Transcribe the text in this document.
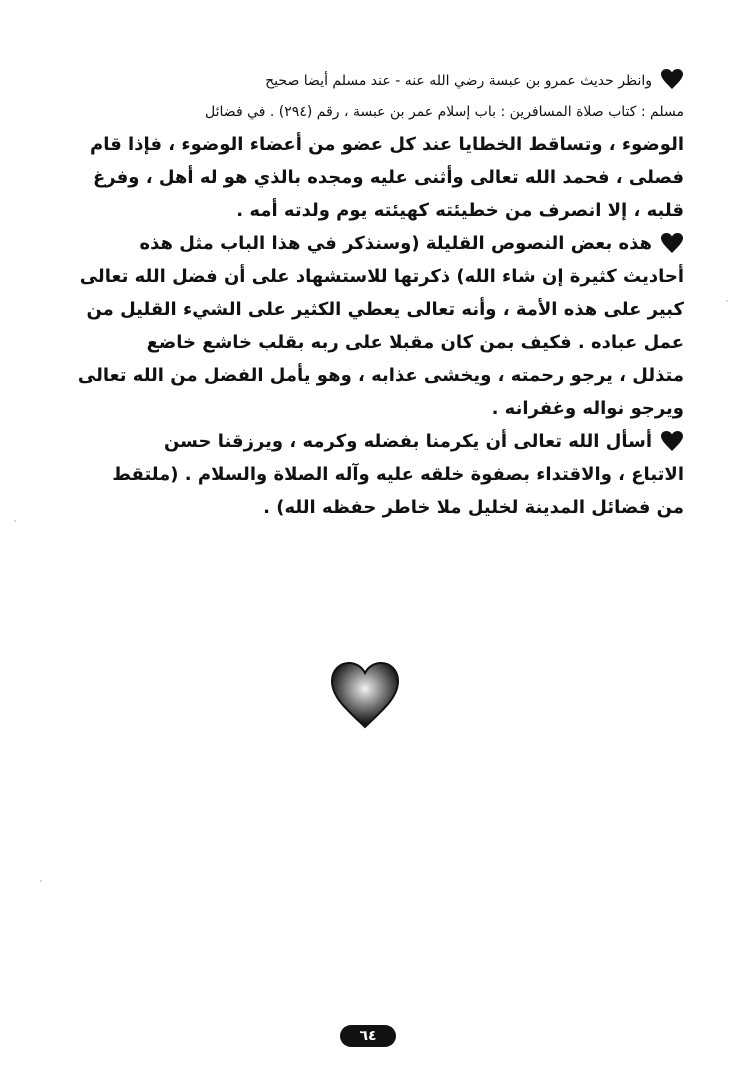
وانظر حديث عمرو بن عبسة رضي الله عنه - عند مسلم أيضا صحيح
مسلم : كتاب صلاة المسافرين : باب إسلام عمر بن عبسة ، رقم (٢٩٤) . في فضائل
الوضوء ، وتساقط الخطايا عند كل عضو من أعضاء الوضوء ، فإذا قام
فصلى ، فحمد الله تعالى وأثنى عليه ومجده بالذي هو له أهل ، وفرغ
قلبه ، إلا انصرف من خطيئته كهيئته يوم ولدته أمه .
هذه بعض النصوص القليلة (وسنذكر في هذا الباب مثل هذه
أحاديث كثيرة إن شاء الله) ذكرتها للاستشهاد على أن فضل الله تعالى
كبير على هذه الأمة ، وأنه تعالى يعطي الكثير على الشيء القليل من
عمل عباده . فكيف بمن كان مقبلا على ربه بقلب خاشع خاضع
متذلل ، يرجو رحمته ، ويخشى عذابه ، وهو يأمل الفضل من الله تعالى
ويرجو نواله وغفرانه .
أسأل الله تعالى أن يكرمنا بفضله وكرمه ، ويرزقنا حسن
الاتباع ، والاقتداء بصفوة خلقه عليه وآله الصلاة والسلام . (ملتقط
من فضائل المدينة لخليل ملا خاطر حفظه الله) .
٦٤
